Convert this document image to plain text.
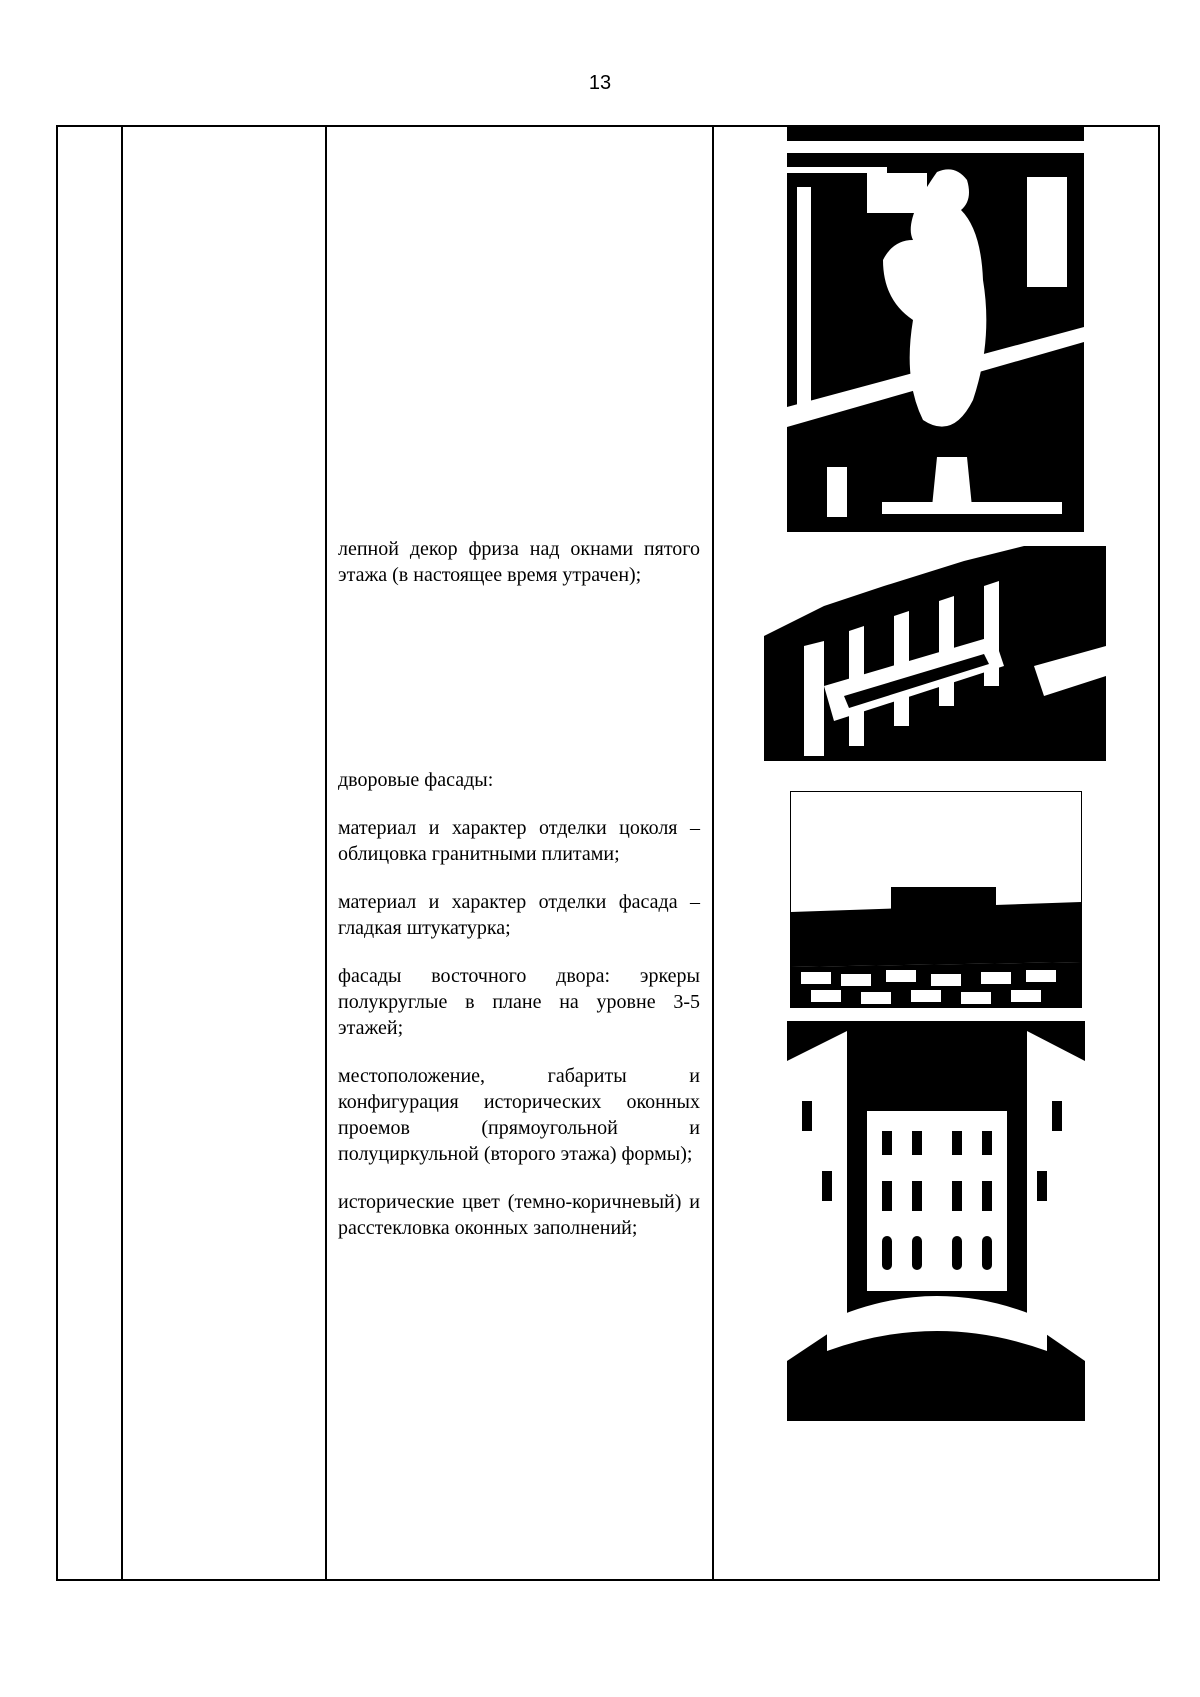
13

лепной декор фриза над окнами пятого этажа (в настоящее время утрачен);

дворовые фасады:

материал и характер отделки цоколя – облицовка гранитными плитами;

материал и характер отделки фасада – гладкая штукатурка;

фасады восточного двора: эркеры полукруглые в плане на уровне 3-5 этажей;

местоположение, габариты и конфигурация исторических оконных проемов (прямоугольной и полуциркульной (второго этажа) формы);

исторические цвет (темно-коричневый) и расстекловка оконных заполнений;
